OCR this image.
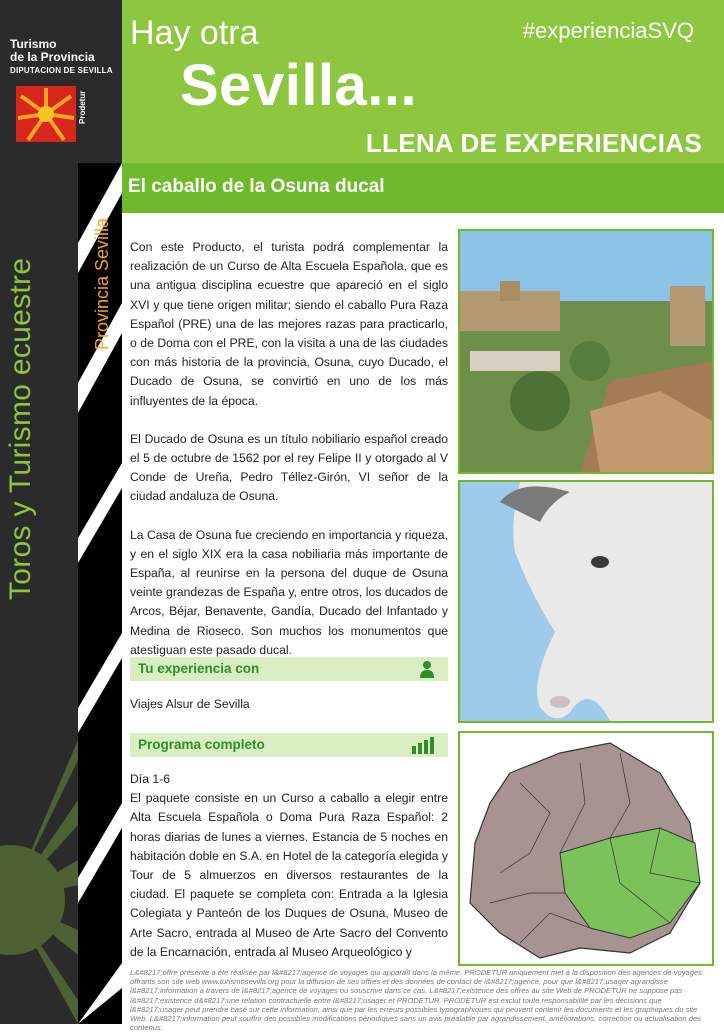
Turismo
de la Provincia
DIPUTACION DE SEVILLA
Prodetur
Toros y Turismo ecuestre	Provincia Sevilla
Hay otra
Sevilla...
#experienciaSVQ
LLENA DE EXPERIENCIAS
El caballo de la Osuna ducal

Con este Producto, el turista podrá complementar la realización de un Curso de Alta Escuela Española, que es una antigua disciplina ecuestre que apareció en el siglo XVI y que tiene origen militar; siendo el caballo Pura Raza Español (PRE) una de las mejores razas para practicarlo, o de Doma con el PRE, con la visita a una de las ciudades con más historia de la provincia, Osuna, cuyo Ducado, el Ducado de Osuna, se convirtió en uno de los más influyentes de la época.

El Ducado de Osuna es un título nobiliario español creado el 5 de octubre de 1562 por el rey Felipe II y otorgado al V Conde de Ureña, Pedro Téllez-Girón, VI señor de la ciudad andaluza de Osuna.

La Casa de Osuna fue creciendo en importancia y riqueza, y en el siglo XIX era la casa nobiliaria más importante de España, al reunirse en la persona del duque de Osuna veinte grandezas de España y, entre otros, los ducados de Arcos, Béjar, Benavente, Gandía, Ducado del Infantado y Medina de Rioseco. Son muchos los monumentos que atestiguan este pasado ducal.

Tu experiencia con
Viajes Alsur de Sevilla
Programa completo
Día 1-6
El paquete consiste en un Curso a caballo a elegir entre Alta Escuela Española o Doma Pura Raza Español: 2 horas diarias de lunes a viernes. Estancia de 5 noches en habitación doble en S.A. en Hotel de la categoría elegida y Tour de 5 almuerzos en diversos restaurantes de la ciudad. El paquete se completa con: Entrada a la Iglesia Colegiata y Panteón de los Duques de Osuna, Museo de Arte Sacro, entrada al Museo de Arte Sacro del Convento de la Encarnación, entrada al Museo Arqueológico y
L&#8217;offre présente a été réalisée par l&#8217;agence de voyages qui apparaît dans la même. PRODETUR uniquement met à la disposition des agences de voyages offrants son site web www.turismosevilla.org pour la diffusion de ses offres et des données de contact de l&#8217;agence, pour que l&#8217;usager agrandisse l&#8217;information a travers de l&#8217;agence de voyages ou souscrive dans ce cas. L&#8217;existence des offres au site Web de PRODETUR ne suppose pas l&#8217;existence d&#8217;une relation contractuelle entre l&#8217;usager et PRODETUR. PRODETUR est exclut toute responsabilité par les décisions que l&#8217;usager peut prendre basé sur cette information, ainsi que par les erreurs possibles typographiques qui peuvent contenir les documents et les graphiques du site Web. L&#8217;information peut souffrir des possibles modifications périodiques sans un avis préalable par agrandissement, améliorations, correction ou actualisation des contenus.
